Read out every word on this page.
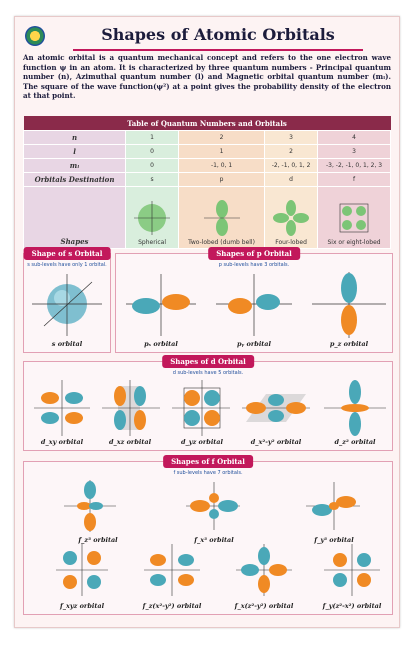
Shapes of Atomic Orbitals
An atomic orbital is a quantum mechanical concept and refers to the one electron wave function ψ in an atom. It is characterized by three quantum numbers - Principal quantum number (n), Azimuthal quantum number (l) and Magnetic orbital quantum number (mₗ). The square of the wave function(ψ²) at a point gives the probability density of the electron at that point.
Table of Quantum Numbers and Orbitals				
n	1	2	3	4
l	0	1	2	3
mₗ	0	-1, 0, 1	-2, -1, 0, 1, 2	-3, -2, -1, 0, 1, 2, 3
Orbitals Destination	s	p	d	f
Shapes	Spherical	Two-lobed (dumb bell)	Four-lobed	Six or eight-lobed
Shape of s Orbital
s sub-levels have only 1 orbital.
s orbital
Shapes of p Orbital
p sub-levels have 3 orbitals.
pₓ orbital	pᵧ orbital	p_z orbital
Shapes of d Orbital
d sub-levels have 5 orbitals.
d_xy orbital	d_xz orbital	d_yz orbital	d_x²-y² orbital	d_z² orbital
Shapes of f Orbital
f sub-levels have 7 orbitals.
f_z³ orbital	f_x³ orbital	f_y³ orbital
f_xyz orbital	f_z(x²-y²) orbital	f_x(z²-y²) orbital	f_y(z²-x²) orbital
